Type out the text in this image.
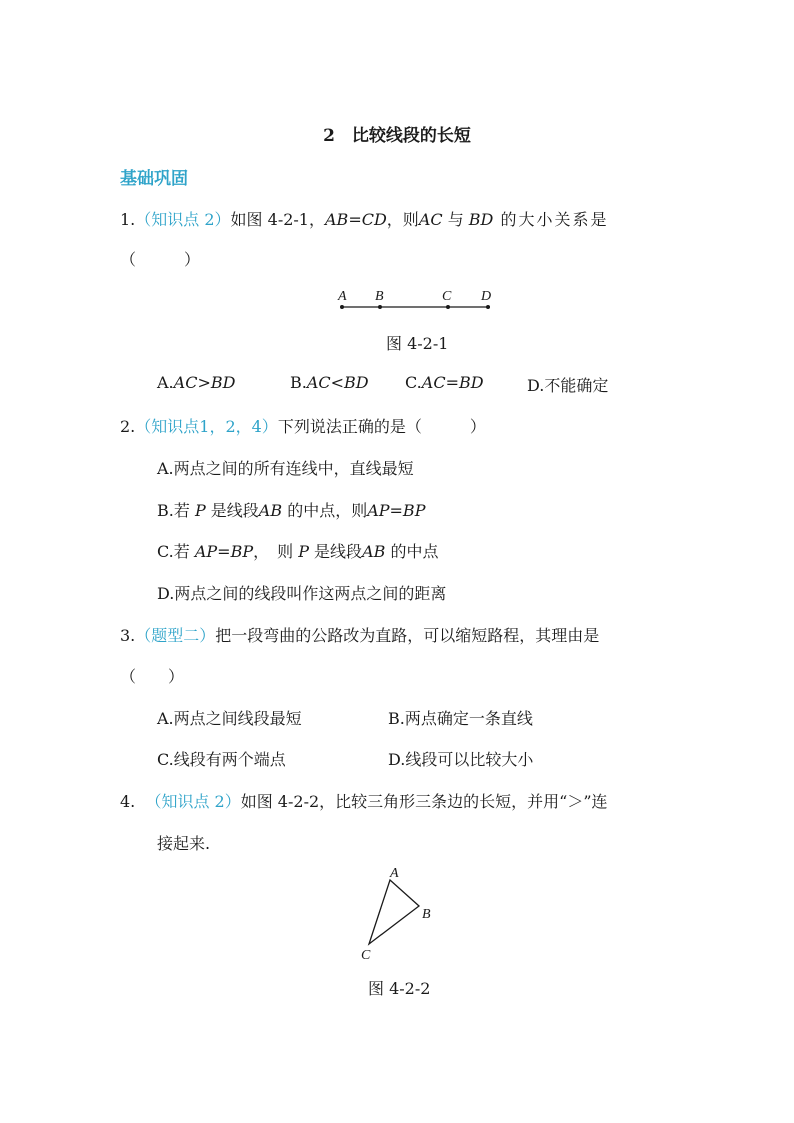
2　比较线段的长短
基础巩固
1.（知识点 2）如图 4-2-1，AB=CD，则AC 与 BD 的大小关系是
（　　　）
A B	C D
图 4-2-1
A.AC>BD	B.AC<BD C.AC=BD	D.不能确定
2.（知识点1，2，4）下列说法正确的是（　　　）
A.两点之间的所有连线中，直线最短
B.若 P 是线段AB 的中点，则AP=BP
C.若 AP=BP，　则 P 是线段AB 的中点
D.两点之间的线段叫作这两点之间的距离
3.（题型二）把一段弯曲的公路改为直路，可以缩短路程，其理由是
（　　）
A.两点之间线段最短	B.两点确定一条直线
C.线段有两个端点	D.线段可以比较大小
4. （知识点 2）如图 4-2-2，比较三角形三条边的长短，并用“＞”连
接起来.
A
B
C
图 4-2-2
